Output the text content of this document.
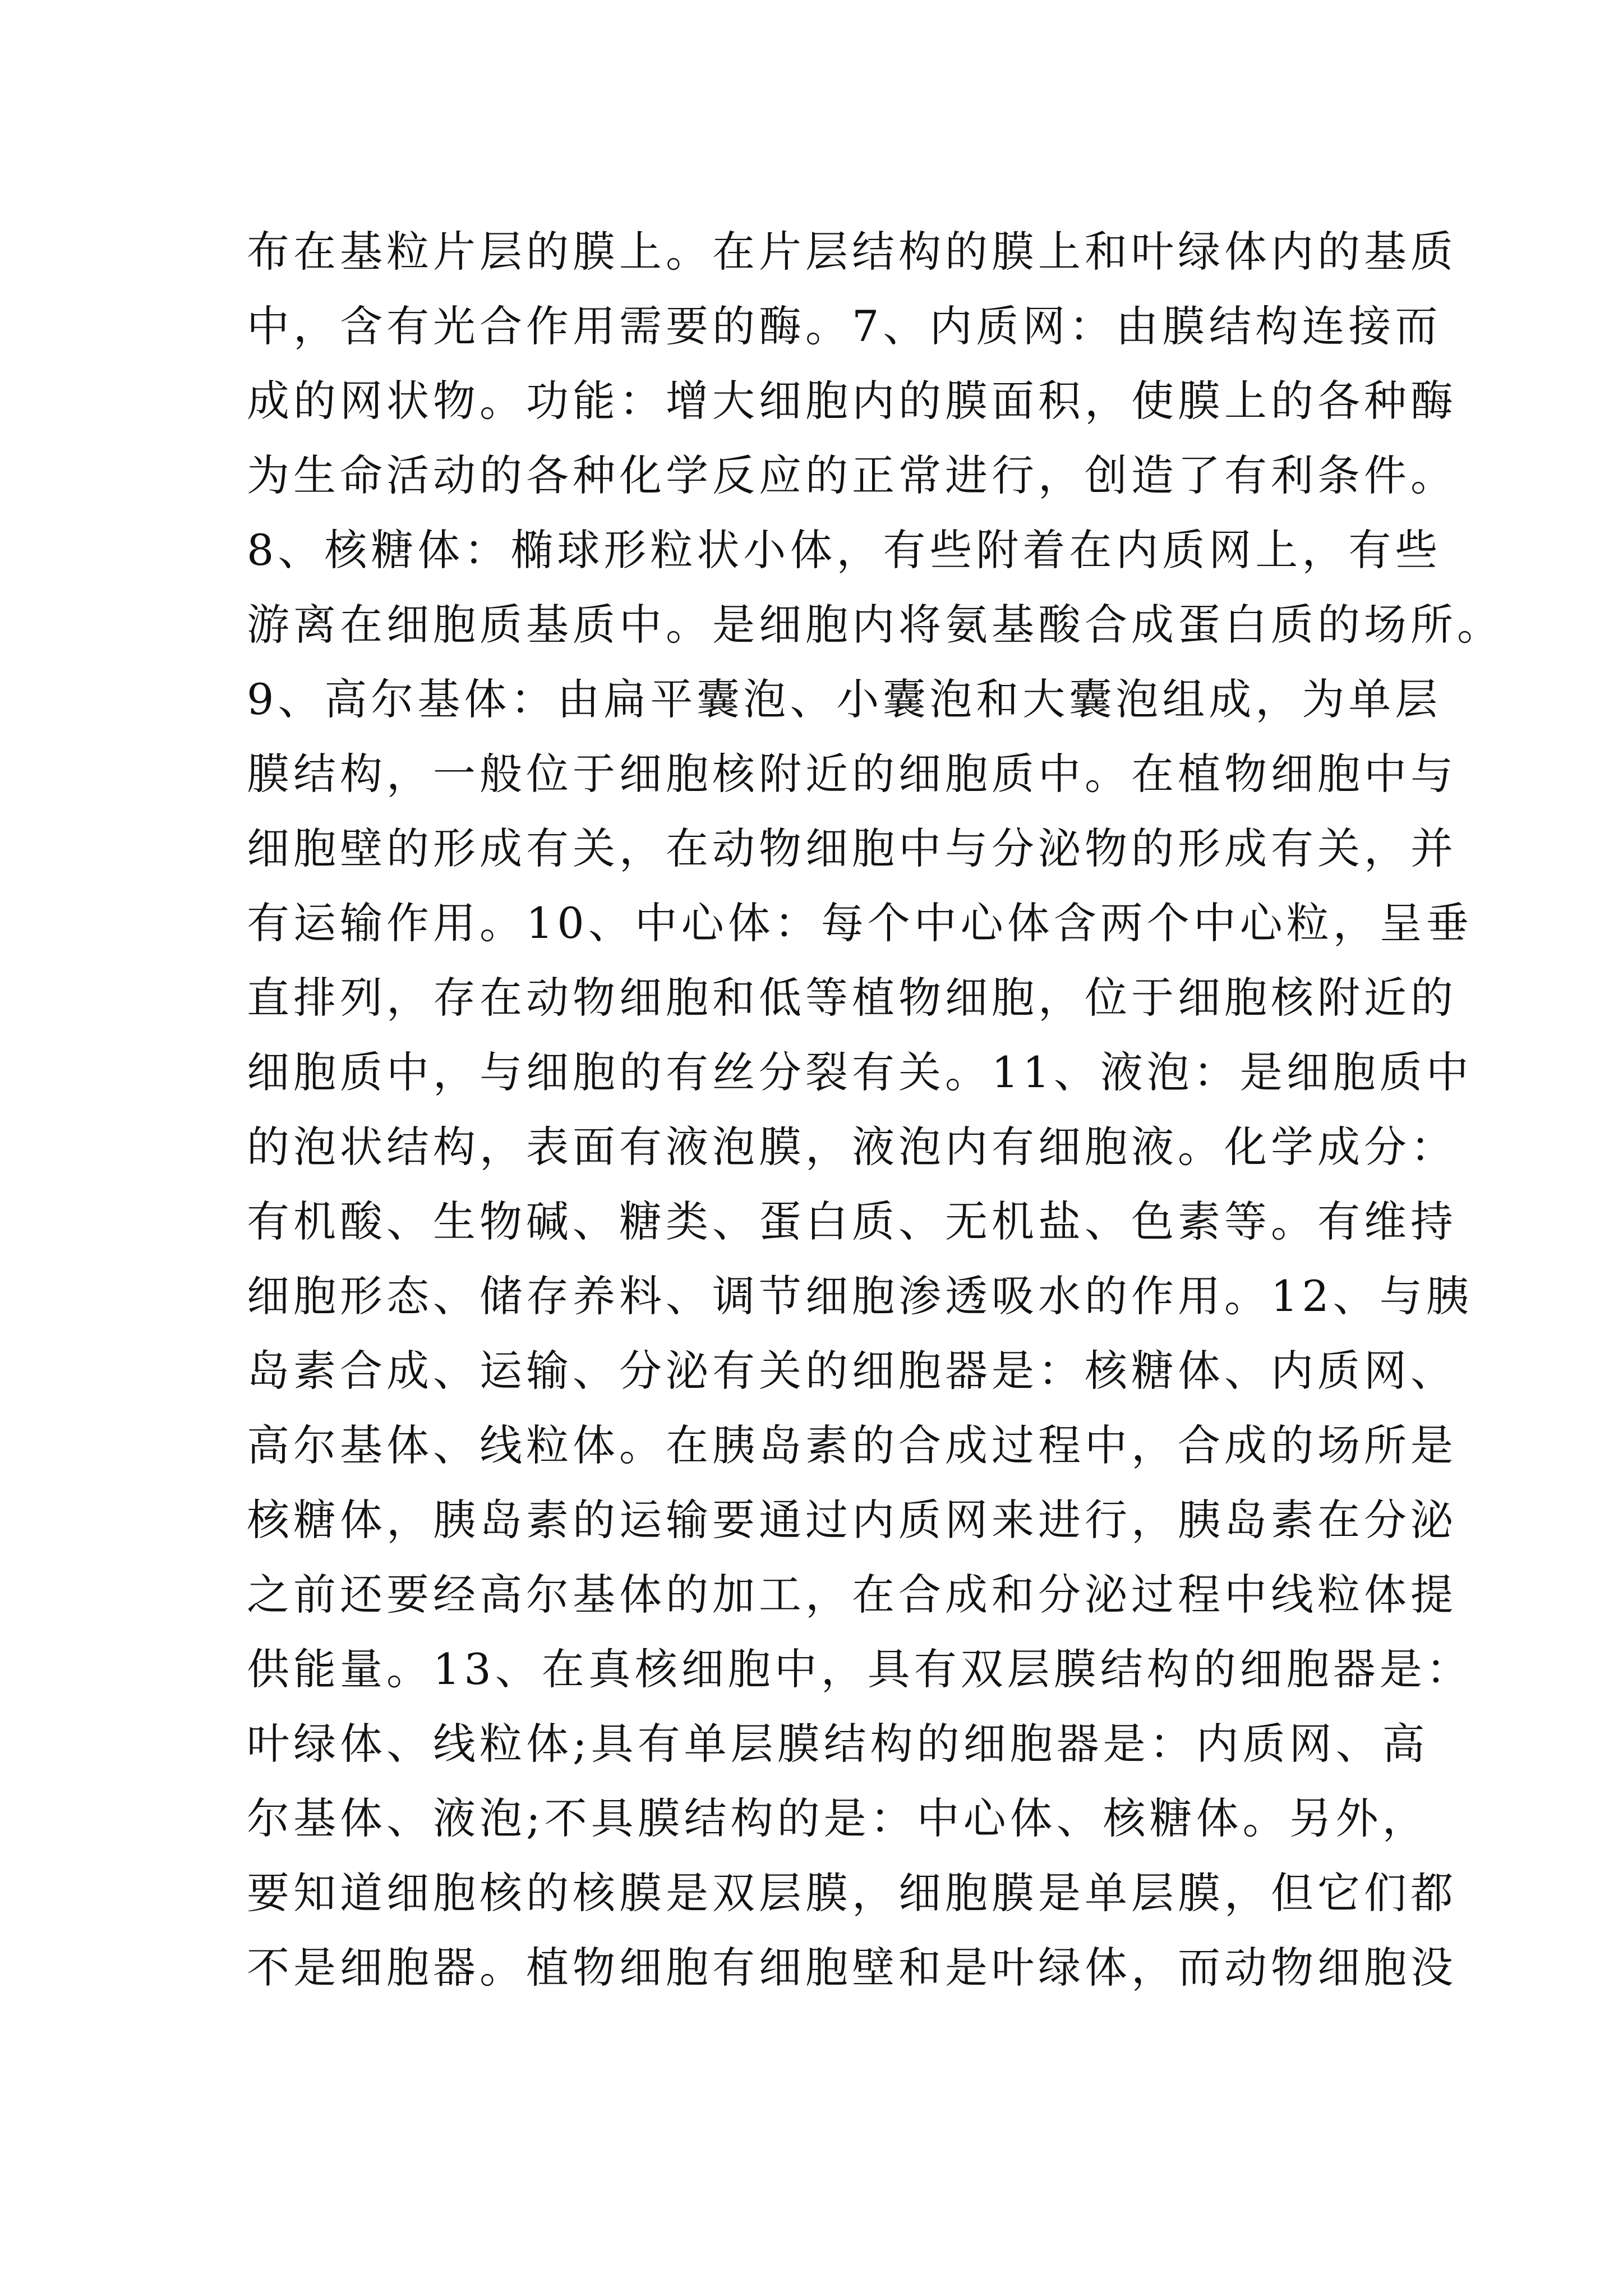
布在基粒片层的膜上。在片层结构的膜上和叶绿体内的基质
中，含有光合作用需要的酶。7、内质网：由膜结构连接而
成的网状物。功能：增大细胞内的膜面积，使膜上的各种酶
为生命活动的各种化学反应的正常进行，创造了有利条件。
8、核糖体：椭球形粒状小体，有些附着在内质网上，有些
游离在细胞质基质中。是细胞内将氨基酸合成蛋白质的场所。
9、高尔基体：由扁平囊泡、小囊泡和大囊泡组成，为单层
膜结构，一般位于细胞核附近的细胞质中。在植物细胞中与
细胞壁的形成有关，在动物细胞中与分泌物的形成有关，并
有运输作用。10、中心体：每个中心体含两个中心粒，呈垂
直排列，存在动物细胞和低等植物细胞，位于细胞核附近的
细胞质中，与细胞的有丝分裂有关。11、液泡：是细胞质中
的泡状结构，表面有液泡膜，液泡内有细胞液。化学成分：
有机酸、生物碱、糖类、蛋白质、无机盐、色素等。有维持
细胞形态、储存养料、调节细胞渗透吸水的作用。12、与胰
岛素合成、运输、分泌有关的细胞器是：核糖体、内质网、
高尔基体、线粒体。在胰岛素的合成过程中，合成的场所是
核糖体，胰岛素的运输要通过内质网来进行，胰岛素在分泌
之前还要经高尔基体的加工，在合成和分泌过程中线粒体提
供能量。13、在真核细胞中，具有双层膜结构的细胞器是：
叶绿体、线粒体;具有单层膜结构的细胞器是：内质网、高
尔基体、液泡;不具膜结构的是：中心体、核糖体。另外，
要知道细胞核的核膜是双层膜，细胞膜是单层膜，但它们都
不是细胞器。植物细胞有细胞壁和是叶绿体，而动物细胞没
